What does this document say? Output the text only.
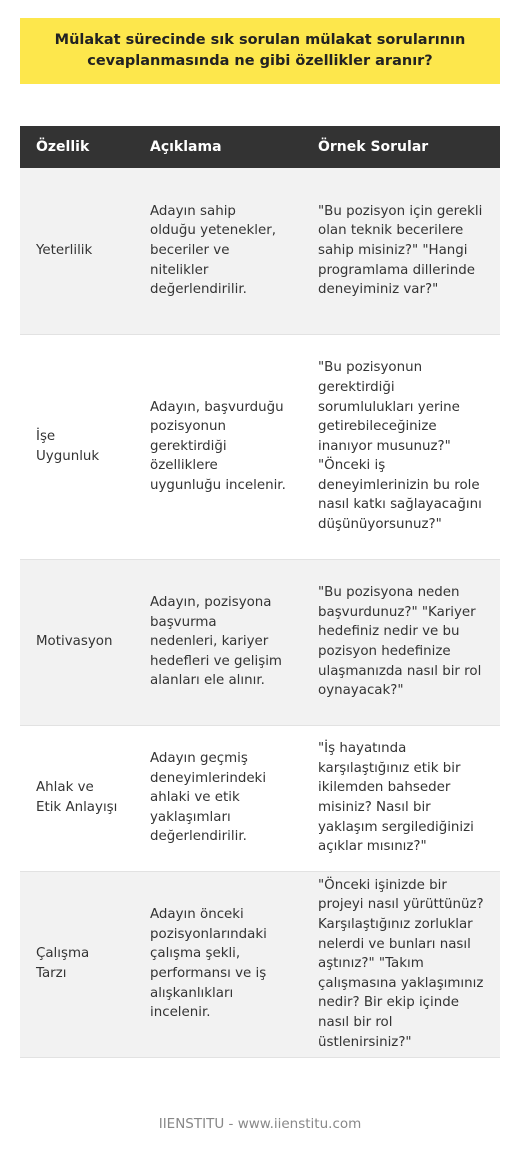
Mülakat sürecinde sık sorulan mülakat sorularının cevaplanmasında ne gibi özellikler aranır?
Özellik	Açıklama	Örnek Sorular
Yeterlilik	Adayın sahip olduğu yetenekler, beceriler ve nitelikler değerlendirilir.	"Bu pozisyon için gerekli olan teknik becerilere sahip misiniz?" "Hangi programlama dillerinde deneyiminiz var?"
İşe Uygunluk	Adayın, başvurduğu pozisyonun gerektirdiği özelliklere uygunluğu incelenir.	"Bu pozisyonun gerektirdiği sorumlulukları yerine getirebileceğinize inanıyor musunuz?" "Önceki iş deneyimlerinizin bu role nasıl katkı sağlayacağını düşünüyorsunuz?"
Motivasyon	Adayın, pozisyona başvurma nedenleri, kariyer hedefleri ve gelişim alanları ele alınır.	"Bu pozisyona neden başvurdunuz?" "Kariyer hedefiniz nedir ve bu pozisyon hedefinize ulaşmanızda nasıl bir rol oynayacak?"
Ahlak ve Etik Anlayışı	Adayın geçmiş deneyimlerindeki ahlaki ve etik yaklaşımları değerlendirilir.	"İş hayatında karşılaştığınız etik bir ikilemden bahseder misiniz? Nasıl bir yaklaşım sergilediğinizi açıklar mısınız?"
Çalışma Tarzı	Adayın önceki pozisyonlarındaki çalışma şekli, performansı ve iş alışkanlıkları incelenir.	"Önceki işinizde bir projeyi nasıl yürüttünüz? Karşılaştığınız zorluklar nelerdi ve bunları nasıl aştınız?" "Takım çalışmasına yaklaşımınız nedir? Bir ekip içinde nasıl bir rol üstlenirsiniz?"
IIENSTITU - www.iienstitu.com
